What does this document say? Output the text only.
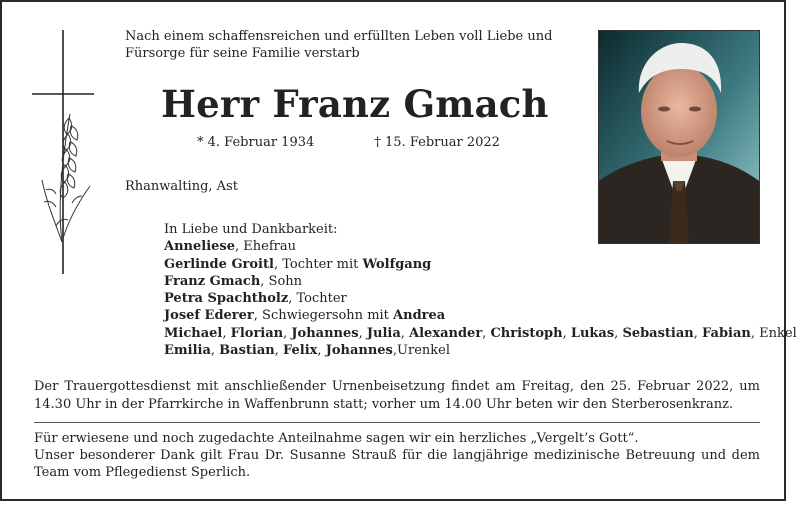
Nach einem schaffensreichen und erfüllten Leben voll Liebe und Fürsorge für seine Familie verstarb
Herr Franz Gmach
* 4. Februar 1934	† 15. Februar 2022
Rhanwalting, Ast
In Liebe und Dankbarkeit:
Anneliese, Ehefrau
Gerlinde Groitl, Tochter mit Wolfgang
Franz Gmach, Sohn
Petra Spachtholz, Tochter
Josef Ederer, Schwiegersohn mit Andrea
Michael, Florian, Johannes, Julia, Alexander, Christoph, Lukas, Sebastian, Fabian, Enkel
Emilia, Bastian, Felix, Johannes,Urenkel
Der Trauergottesdienst mit anschließender Urnenbeisetzung findet am Freitag, den 25. Februar 2022, um 14.30 Uhr in der Pfarrkirche in Waffenbrunn statt; vorher um 14.00 Uhr beten wir den Sterberosenkranz.
Für erwiesene und noch zugedachte Anteilnahme sagen wir ein herzliches „Vergelt’s Gott“.
Unser besonderer Dank gilt Frau Dr. Susanne Strauß für die langjährige medizinische Betreuung und dem Team vom Pflegedienst Sperlich.
